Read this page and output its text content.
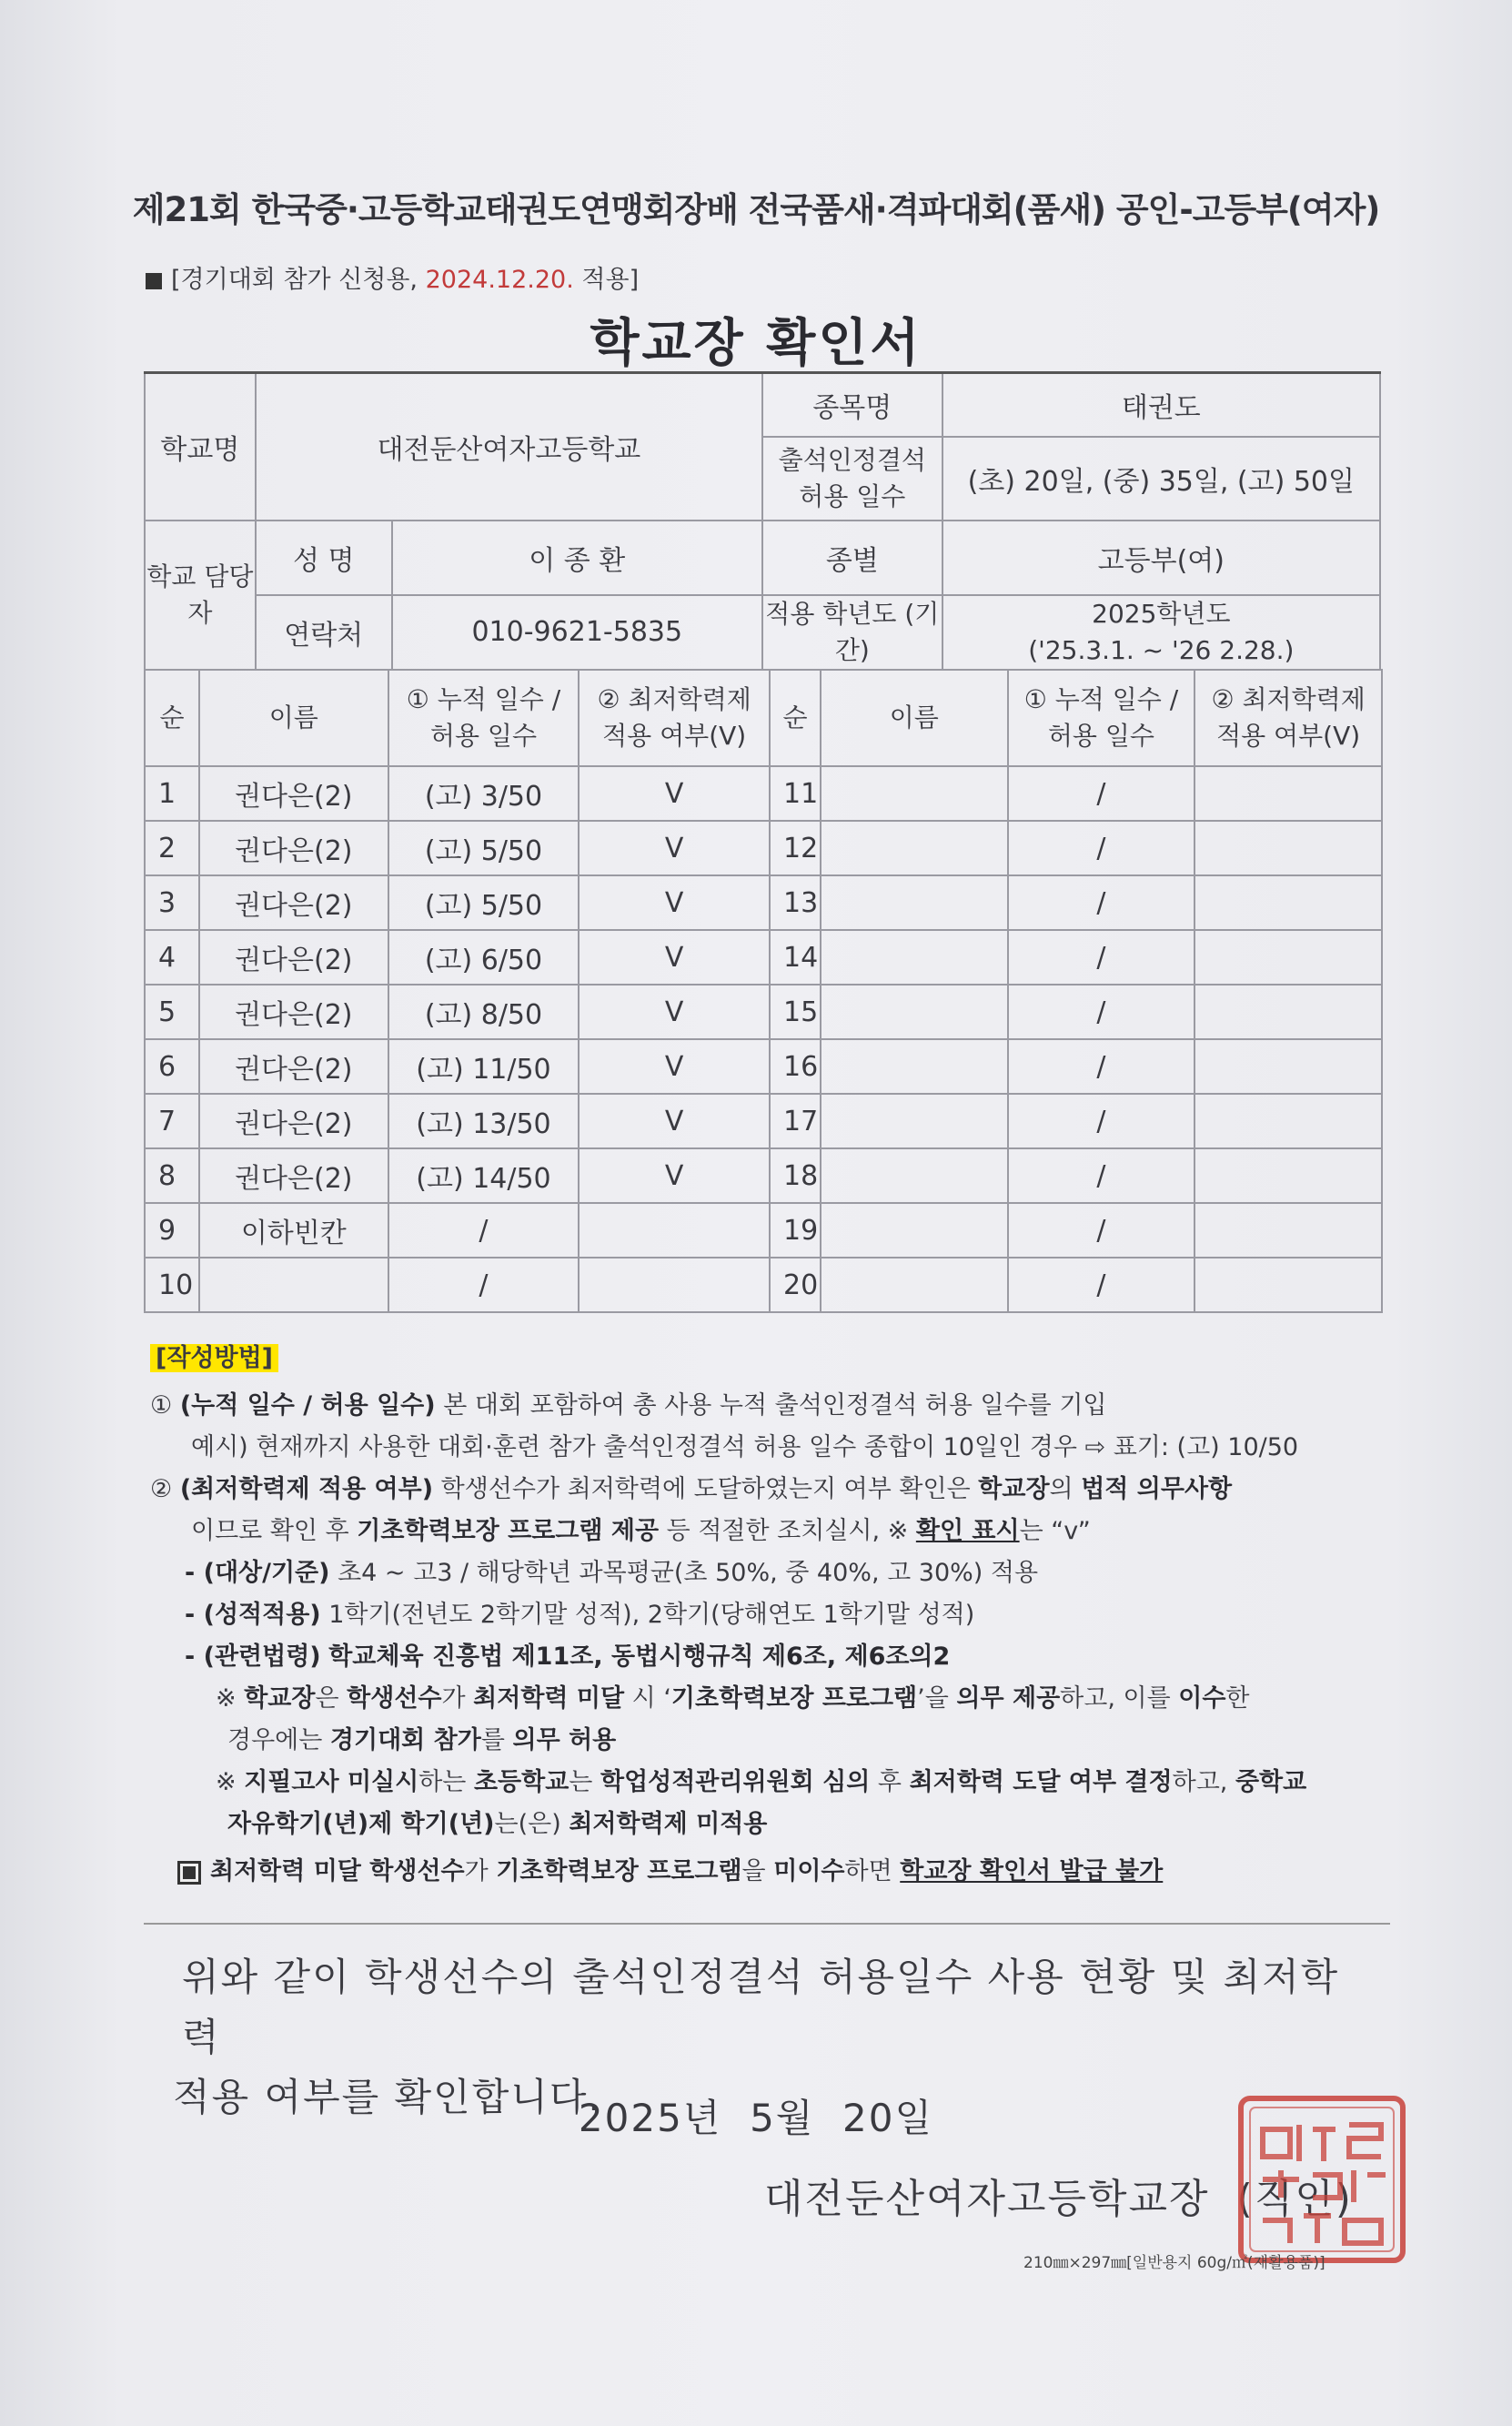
제21회 한국중·고등학교태권도연맹회장배 전국품새·격파대회(품새) 공인-고등부(여자)
[경기대회 참가 신청용, 2024.12.20. 적용]
학교장 확인서
학교명	대전둔산여자고등학교		종목명	태권도
			출석인정결석 허용 일수	(초) 20일, (중) 35일, (고) 50일
학교 담당자	성 명	이 종 환	종별	고등부(여)
	연락처	010-9621-5835	적용 학년도 (기간)	2025학년도
('25.3.1. ~ '26 2.28.)
순	이름	① 누적 일수 / 허용 일수	② 최저학력제 적용 여부(V)	순	이름	① 누적 일수 / 허용 일수	② 최저학력제 적용 여부(V)
1	권다은(2)	(고) 3/50	V	11		/	
2	권다은(2)	(고) 5/50	V	12		/	
3	권다은(2)	(고) 5/50	V	13		/	
4	권다은(2)	(고) 6/50	V	14		/	
5	권다은(2)	(고) 8/50	V	15		/	
6	권다은(2)	(고) 11/50	V	16		/	
7	권다은(2)	(고) 13/50	V	17		/	
8	권다은(2)	(고) 14/50	V	18		/	
9	이하빈칸	/		19		/	
10		/		20		/	

[작성방법]

① (누적 일수 / 허용 일수) 본 대회 포함하여 총 사용 누적 출석인정결석 허용 일수를 기입

예시) 현재까지 사용한 대회·훈련 참가 출석인정결석 허용 일수 종합이 10일인 경우 ⇨ 표기: (고) 10/50

② (최저학력제 적용 여부) 학생선수가 최저학력에 도달하였는지 여부 확인은 학교장의 법적 의무사항

이므로 확인 후 기초학력보장 프로그램 제공 등 적절한 조치실시, ※ 확인 표시는 “v”

- (대상/기준) 초4 ~ 고3 / 해당학년 과목평균(초 50%, 중 40%, 고 30%) 적용

- (성적적용) 1학기(전년도 2학기말 성적), 2학기(당해연도 1학기말 성적)

- (관련법령) 학교체육 진흥법 제11조, 동법시행규칙 제6조, 제6조의2

※ 학교장은 학생선수가 최저학력 미달 시 ‘기초학력보장 프로그램’을 의무 제공하고, 이를 이수한

경우에는 경기대회 참가를 의무 허용

※ 지필고사 미실시하는 초등학교는 학업성적관리위원회 심의 후 최저학력 도달 여부 결정하고, 중학교

자유학기(년)제 학기(년)는(은) 최저학력제 미적용

최저학력 미달 학생선수가 기초학력보장 프로그램을 미이수하면 학교장 확인서 발급 불가

위와 같이 학생선수의 출석인정결석 허용일수 사용 현황 및 최저학력
적용 여부를 확인합니다.
2025년  5월  20일
대전둔산여자고등학교장 (직인)
210㎜×297㎜[일반용지 60g/㎡(재활용품)]
